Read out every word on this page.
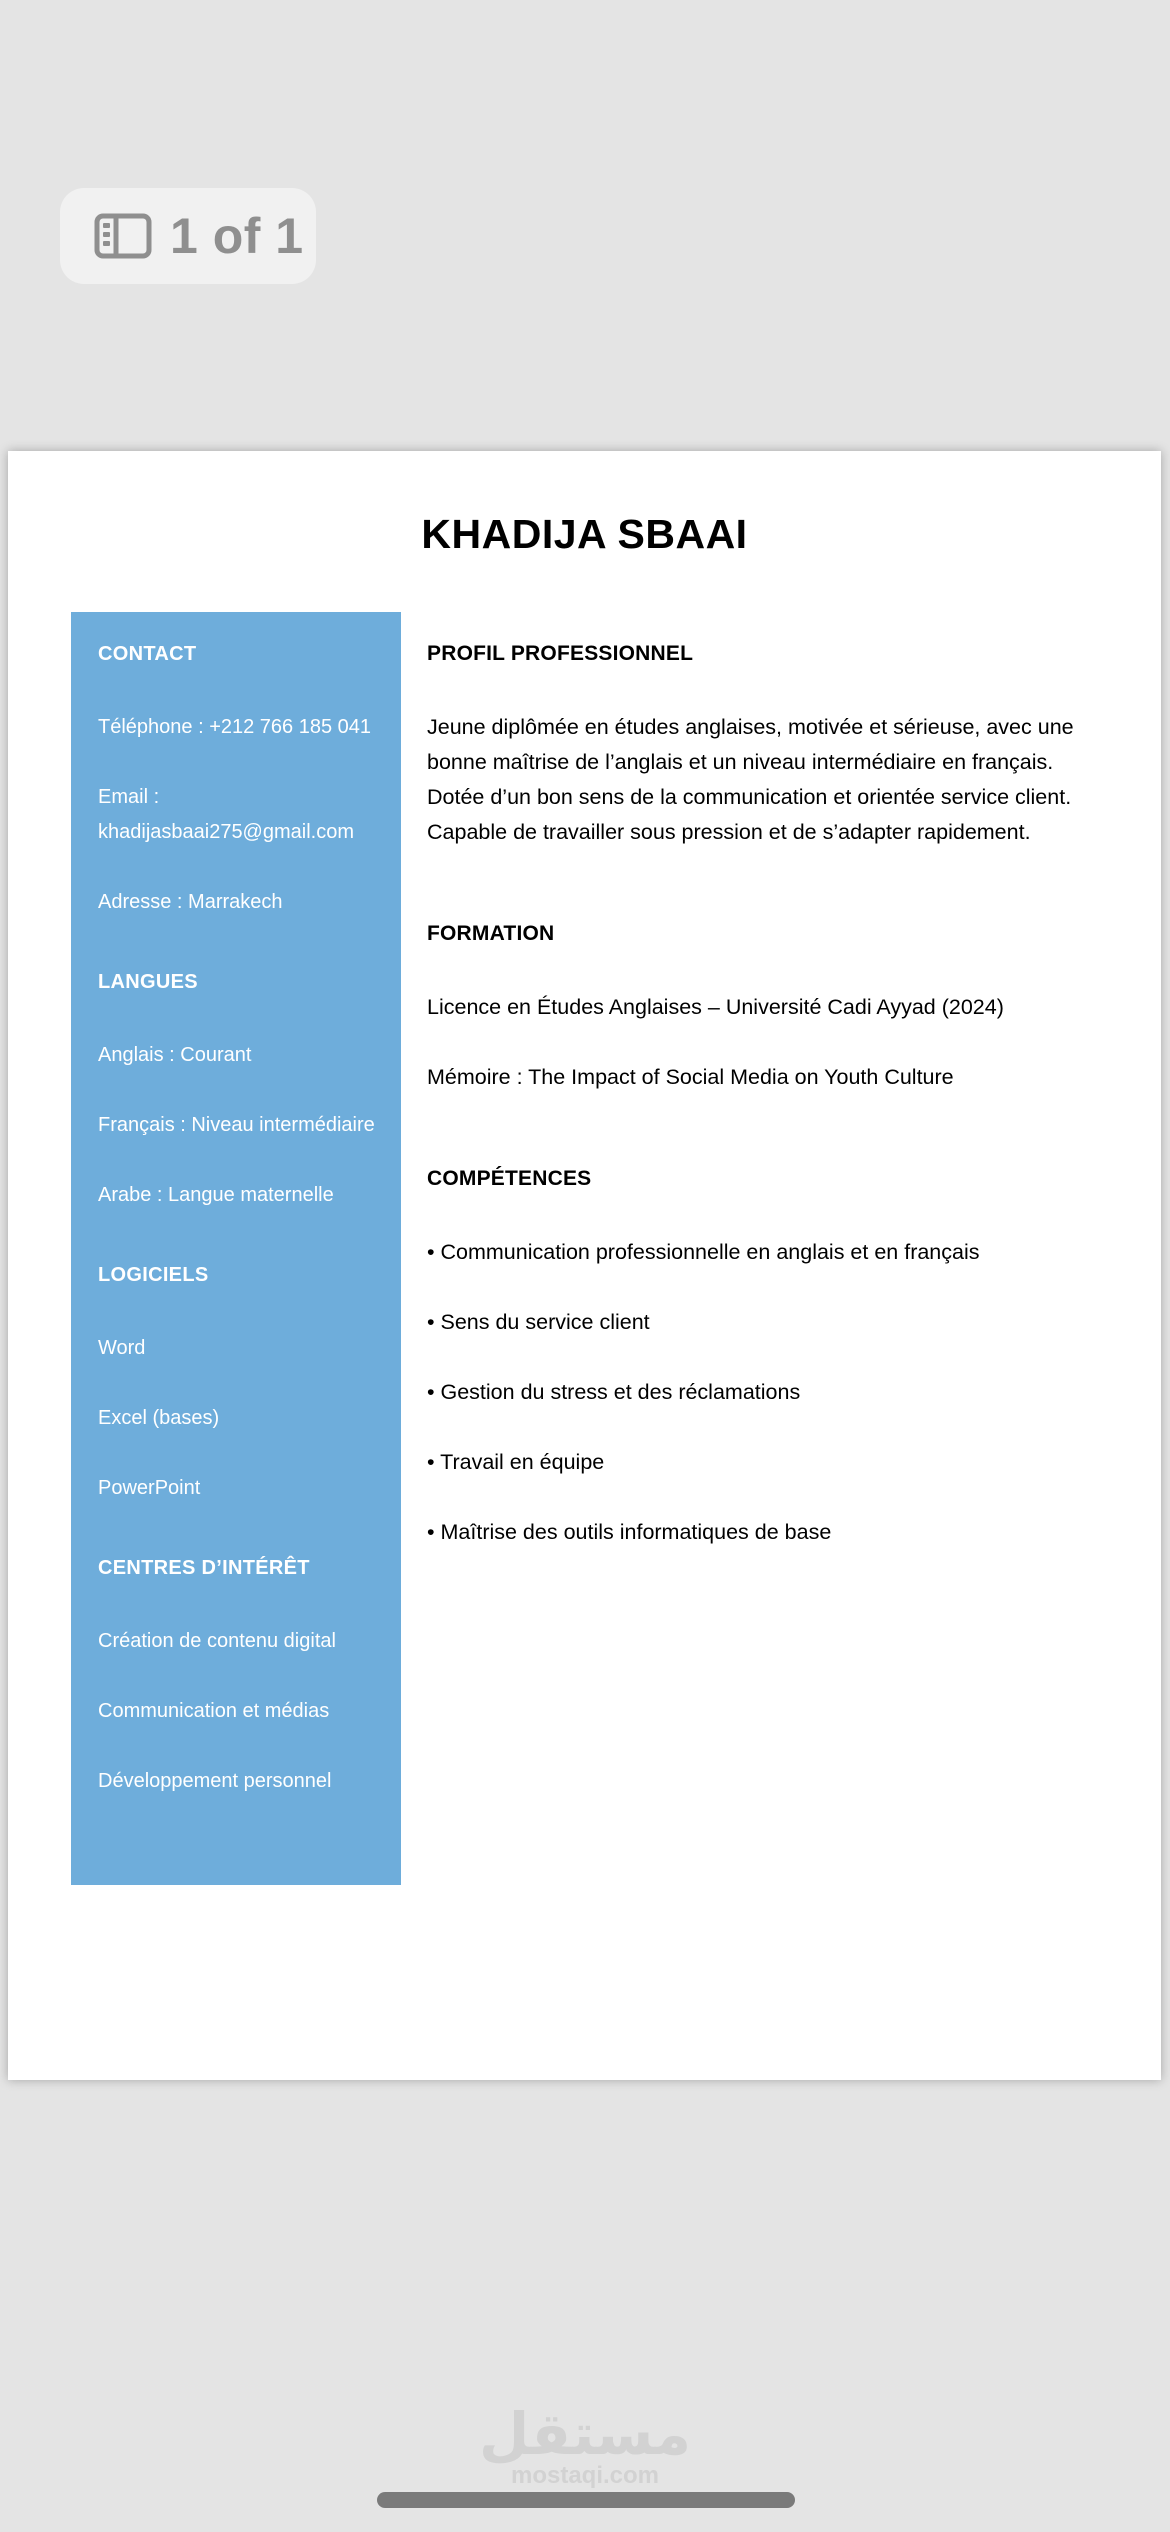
1 of 1
KHADIJA SBAAI
CONTACT
Téléphone : +212 766 185 041
Email : khadijasbaai275@gmail.com
Adresse : Marrakech
LANGUES
Anglais : Courant
Français : Niveau intermédiaire
Arabe : Langue maternelle
LOGICIELS
Word
Excel (bases)
PowerPoint
CENTRES D’INTÉRÊT
Création de contenu digital
Communication et médias
Développement personnel
PROFIL PROFESSIONNEL
Jeune diplômée en études anglaises, motivée et sérieuse, avec une bonne maîtrise de l’anglais et un niveau intermédiaire en français. Dotée d’un bon sens de la communication et orientée service client. Capable de travailler sous pression et de s’adapter rapidement.
FORMATION
Licence en Études Anglaises – Université Cadi Ayyad (2024)
Mémoire : The Impact of Social Media on Youth Culture
COMPÉTENCES
• Communication professionnelle en anglais et en français
• Sens du service client
• Gestion du stress et des réclamations
• Travail en équipe
• Maîtrise des outils informatiques de base
مستقل
mostaqi.com
